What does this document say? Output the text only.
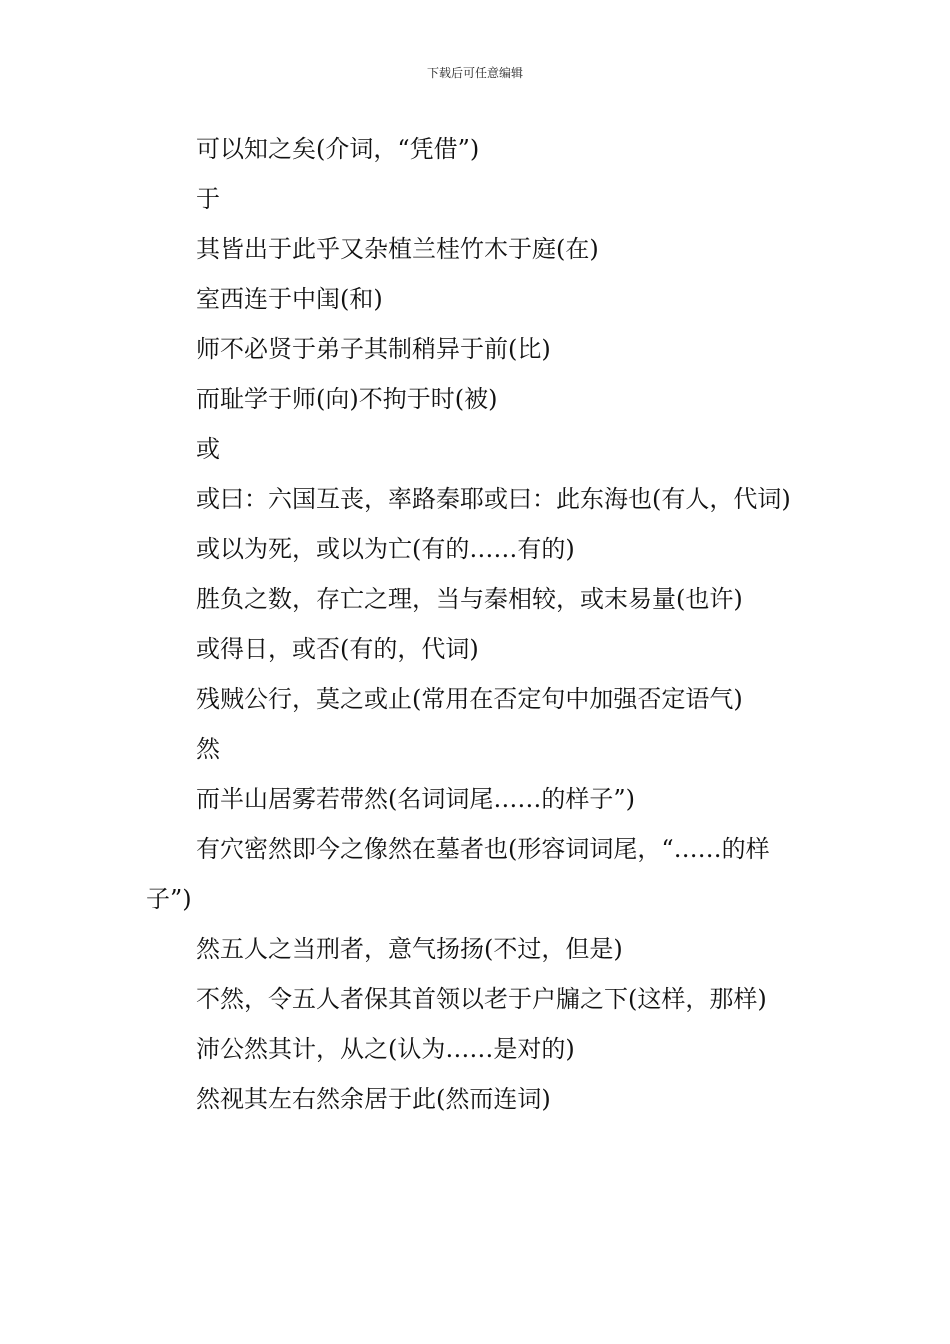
下载后可任意编辑

可以知之矣(介词，“凭借”)

于

其皆出于此乎又杂植兰桂竹木于庭(在)

室西连于中闺(和)

师不必贤于弟子其制稍异于前(比)

而耻学于师(向)不拘于时(被)

或

或曰：六国互丧，率路秦耶或曰：此东海也(有人，代词)

或以为死，或以为亡(有的……有的)

胜负之数，存亡之理，当与秦相较，或末易量(也许)

或得日，或否(有的，代词)

残贼公行，莫之或止(常用在否定句中加强否定语气)

然

而半山居雾若带然(名词词尾……的样子”)

有穴密然即今之像然在墓者也(形容词词尾，“……的样子”)

然五人之当刑者，意气扬扬(不过，但是)

不然，令五人者保其首领以老于户牖之下(这样，那样)

沛公然其计，从之(认为……是对的)

然视其左右然余居于此(然而连词)
